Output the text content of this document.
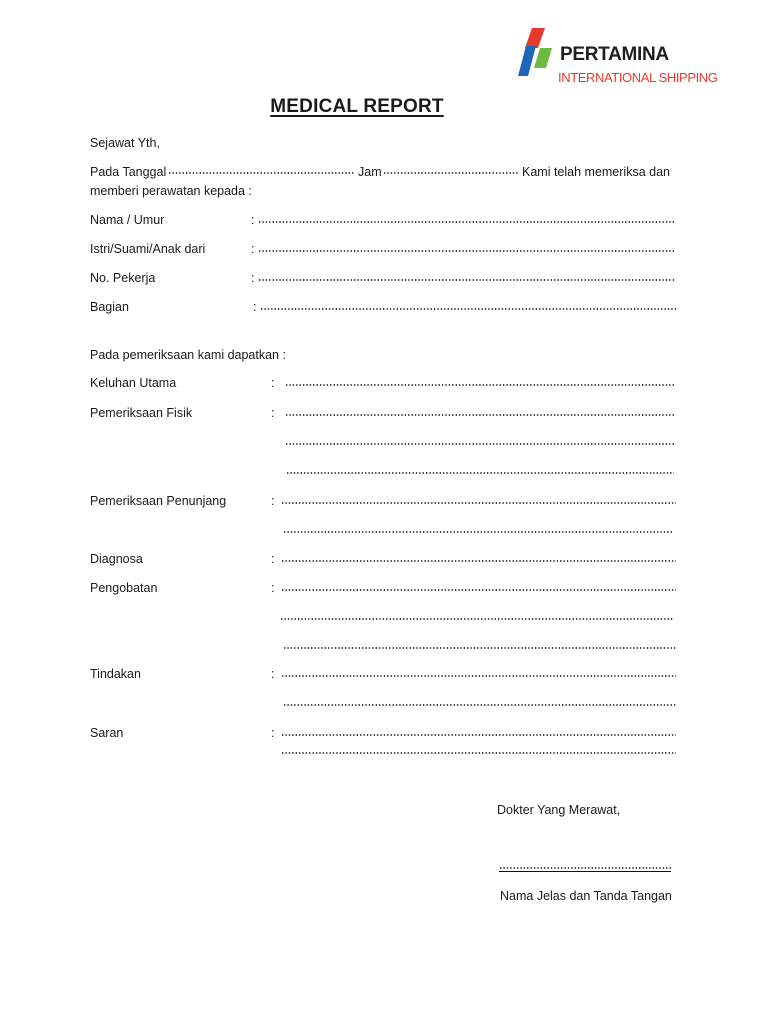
PERTAMINA
INTERNATIONAL SHIPPING
MEDICAL REPORT
Sejawat Yth,
Pada Tanggal	Jam	Kami telah memeriksa dan
memberi perawatan kepada :
Nama / Umur	:
Istri/Suami/Anak dari	:
No. Pekerja	:
Bagian	:
Pada pemeriksaan kami dapatkan :
Keluhan Utama	:
Pemeriksaan Fisik	:
Pemeriksaan Penunjang	:
Diagnosa	:
Pengobatan	:
Tindakan	:
Saran	:
Dokter Yang Merawat,
Nama Jelas dan Tanda Tangan
